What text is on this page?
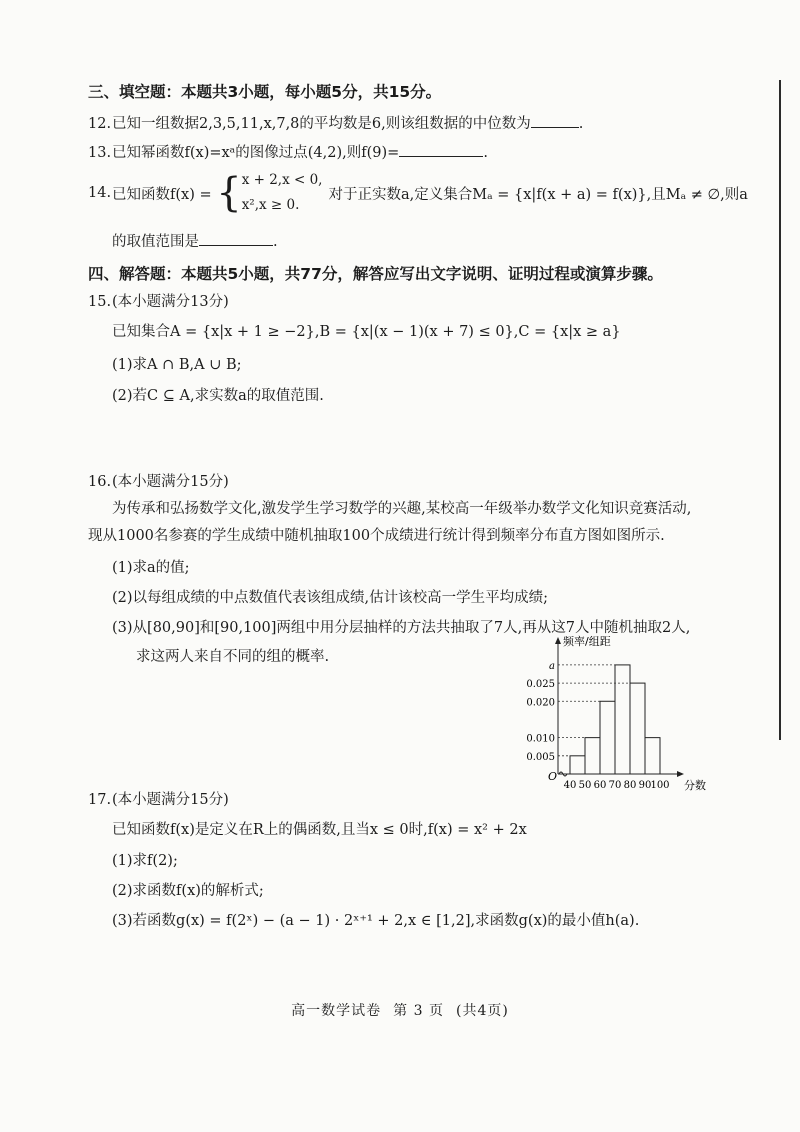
三、填空题：本题共3小题，每小题5分，共15分。
12.已知一组数据2,3,5,11,x,7,8的平均数是6,则该组数据的中位数为	.
13.已知幂函数f(x)=xᵃ的图像过点(4,2),则f(9)=	.
14.已知函数f(x) = { x + 2,x < 0,
x²,x ≥ 0.
对于正实数a,定义集合Mₐ = {x|f(x + a) = f(x)},且Mₐ ≠ ∅,则a
的取值范围是	.
四、解答题：本题共5小题，共77分，解答应写出文字说明、证明过程或演算步骤。
15.(本小题满分13分)
已知集合A = {x|x + 1 ≥ −2},B = {x|(x − 1)(x + 7) ≤ 0},C = {x|x ≥ a}
(1)求A ∩ B,A ∪ B;
(2)若C ⊆ A,求实数a的取值范围.
16.(本小题满分15分)
为传承和弘扬数学文化,激发学生学习数学的兴趣,某校高一年级举办数学文化知识竞赛活动,现从1000名参赛的学生成绩中随机抽取100个成绩进行统计得到频率分布直方图如图所示.
(1)求a的值;
(2)以每组成绩的中点数值代表该组成绩,估计该校高一学生平均成绩;
(3)从[80,90]和[90,100]两组中用分层抽样的方法共抽取了7人,再从这7人中随机抽取2人,
求这两人来自不同的组的概率.
0.005
0.010
0.020
0.025
a
40 50 60 70 80 90 100
O
频率/组距
分数
17.(本小题满分15分)
已知函数f(x)是定义在R上的偶函数,且当x ≤ 0时,f(x) = x² + 2x
(1)求f(2);
(2)求函数f(x)的解析式;
(3)若函数g(x) = f(2ˣ) − (a − 1) · 2ˣ⁺¹ + 2,x ∈ [1,2],求函数g(x)的最小值h(a).
高一数学试卷 第 3 页 (共4页)
